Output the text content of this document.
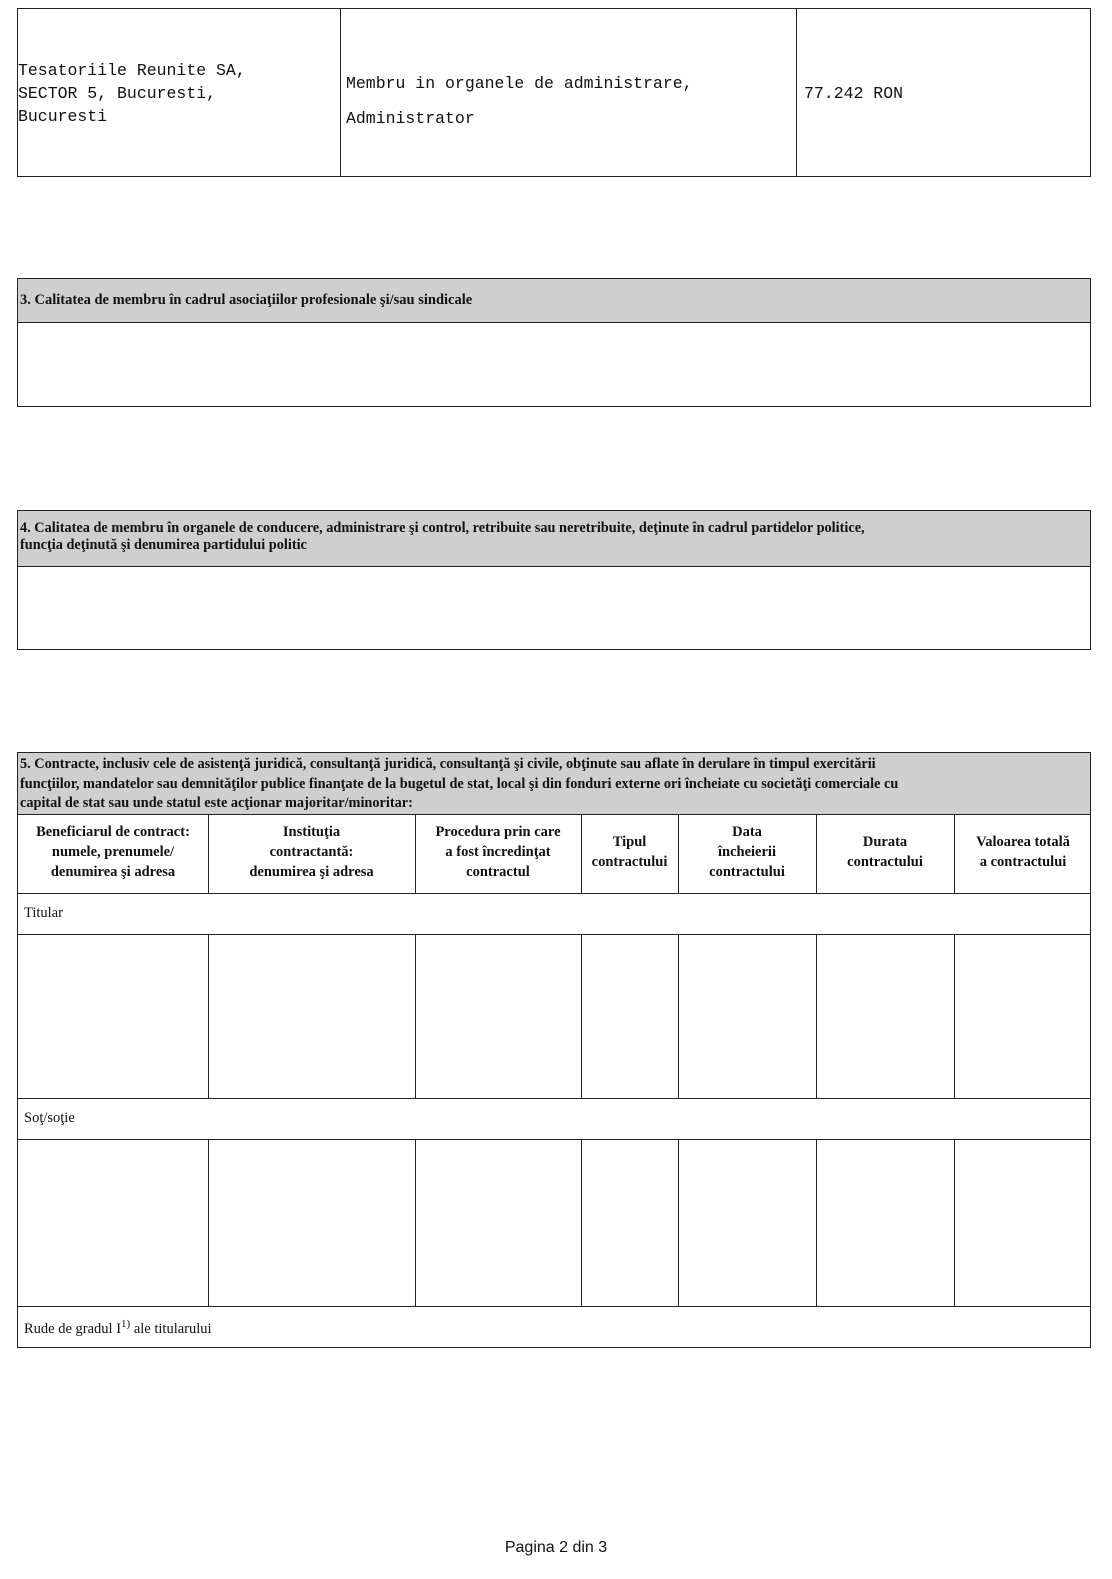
Tesatoriile Reunite SA,
SECTOR 5, Bucuresti,
Bucuresti
Membru in organele de administrare,
Administrator
77.242 RON
3. Calitatea de membru în cadrul asociaţiilor profesionale şi/sau sindicale
4. Calitatea de membru în organele de conducere, administrare şi control, retribuite sau neretribuite, deţinute în cadrul partidelor politice,
funcţia deţinută şi denumirea partidului politic
5. Contracte, inclusiv cele de asistenţă juridică, consultanţă juridică, consultanţă şi civile, obţinute sau aflate în derulare în timpul exercitării
funcţiilor, mandatelor sau demnităţilor publice finanţate de la bugetul de stat, local şi din fonduri externe ori încheiate cu societăţi comerciale cu
capital de stat sau unde statul este acţionar majoritar/minoritar:
Beneficiarul de contract:
numele, prenumele/
denumirea şi adresa
Instituţia
contractantă:
denumirea şi adresa
Procedura prin care
a fost încredinţat
contractul
Tipul
contractului
Data
încheierii
contractului
Durata
contractului
Valoarea totală
a contractului
Titular
Soţ/soţie
Rude de gradul $I^{1)}$ ale titularului
Pagina 2 din 3
